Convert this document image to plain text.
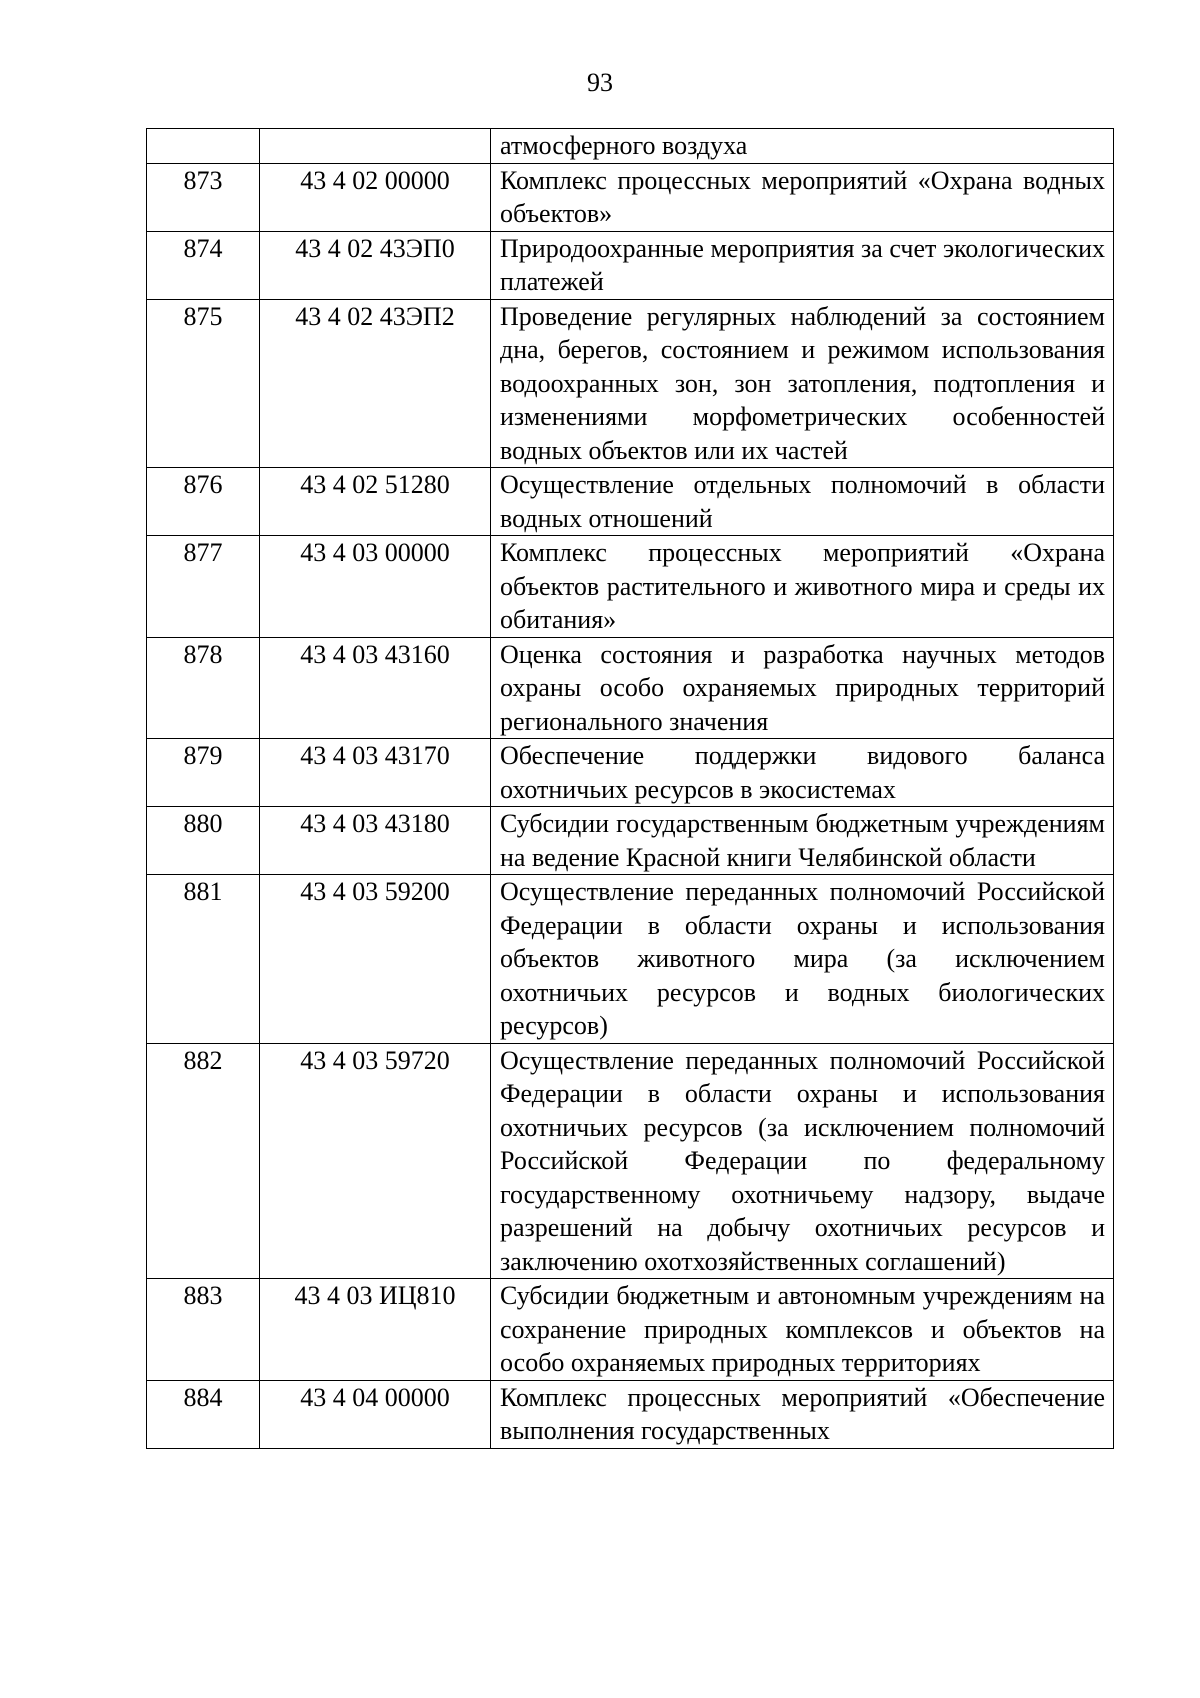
93
		атмосферного воздуха
873	43 4 02 00000	Комплекс процессных мероприятий «Охрана водных объектов»
874	43 4 02 43ЭП0	Природоохранные мероприятия за счет экологических платежей
875	43 4 02 43ЭП2	Проведение регулярных наблюдений за состоянием дна, берегов, состоянием и режимом использования водоохранных зон, зон затопления, подтопления и изменениями морфометрических особенностей водных объектов или их частей
876	43 4 02 51280	Осуществление отдельных полномочий в области водных отношений
877	43 4 03 00000	Комплекс процессных мероприятий «Охрана объектов растительного и животного мира и среды их обитания»
878	43 4 03 43160	Оценка состояния и разработка научных методов охраны особо охраняемых природных территорий регионального значения
879	43 4 03 43170	Обеспечение поддержки видового баланса охотничьих ресурсов в экосистемах
880	43 4 03 43180	Субсидии государственным бюджетным учреждениям на ведение Красной книги Челябинской области
881	43 4 03 59200	Осуществление переданных полномочий Российской Федерации в области охраны и использования объектов животного мира (за исключением охотничьих ресурсов и водных биологических ресурсов)
882	43 4 03 59720	Осуществление переданных полномочий Российской Федерации в области охраны и использования охотничьих ресурсов (за исключением полномочий Российской Федерации по федеральному государственному охотничьему надзору, выдаче разрешений на добычу охотничьих ресурсов и заключению охотхозяйственных соглашений)
883	43 4 03 ИЦ810	Субсидии бюджетным и автономным учреждениям на сохранение природных комплексов и объектов на особо охраняемых природных территориях
884	43 4 04 00000	Комплекс процессных мероприятий «Обеспечение выполнения государственных
